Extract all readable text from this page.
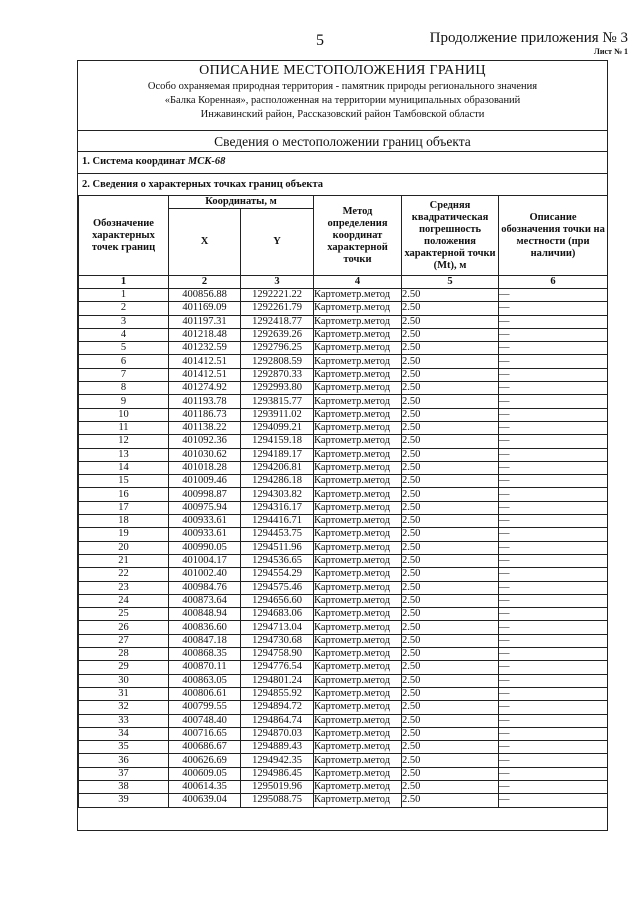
5	Продолжение приложения № 3
Лист № 1
ОПИСАНИЕ МЕСТОПОЛОЖЕНИЯ ГРАНИЦ
Особо охраняемая природная территория - памятник природы регионального значения
«Балка Коренная», расположенная на территории муниципальных образований
Инжавинский район, Рассказовский район Тамбовской области
Сведения о местоположении границ объекта
1. Система координат МСК-68
2. Сведения о характерных точках границ объекта
Обозначение характерных точек границ	Координаты, м		Метод определения координат характерной точки	Средняя квадратическая погрешность положения характерной точки (Mt), м	Описание обозначения точки на местности (при наличии)
	X	Y			
1	2	3	4	5	6
1	400856.88	1292221.22	Картометр.метод	2.50	—
2	401169.09	1292261.79	Картометр.метод	2.50	—
3	401197.31	1292418.77	Картометр.метод	2.50	—
4	401218.48	1292639.26	Картометр.метод	2.50	—
5	401232.59	1292796.25	Картометр.метод	2.50	—
6	401412.51	1292808.59	Картометр.метод	2.50	—
7	401412.51	1292870.33	Картометр.метод	2.50	—
8	401274.92	1292993.80	Картометр.метод	2.50	—
9	401193.78	1293815.77	Картометр.метод	2.50	—
10	401186.73	1293911.02	Картометр.метод	2.50	—
11	401138.22	1294099.21	Картометр.метод	2.50	—
12	401092.36	1294159.18	Картометр.метод	2.50	—
13	401030.62	1294189.17	Картометр.метод	2.50	—
14	401018.28	1294206.81	Картометр.метод	2.50	—
15	401009.46	1294286.18	Картометр.метод	2.50	—
16	400998.87	1294303.82	Картометр.метод	2.50	—
17	400975.94	1294316.17	Картометр.метод	2.50	—
18	400933.61	1294416.71	Картометр.метод	2.50	—
19	400933.61	1294453.75	Картометр.метод	2.50	—
20	400990.05	1294511.96	Картометр.метод	2.50	—
21	401004.17	1294536.65	Картометр.метод	2.50	—
22	401002.40	1294554.29	Картометр.метод	2.50	—
23	400984.76	1294575.46	Картометр.метод	2.50	—
24	400873.64	1294656.60	Картометр.метод	2.50	—
25	400848.94	1294683.06	Картометр.метод	2.50	—
26	400836.60	1294713.04	Картометр.метод	2.50	—
27	400847.18	1294730.68	Картометр.метод	2.50	—
28	400868.35	1294758.90	Картометр.метод	2.50	—
29	400870.11	1294776.54	Картометр.метод	2.50	—
30	400863.05	1294801.24	Картометр.метод	2.50	—
31	400806.61	1294855.92	Картометр.метод	2.50	—
32	400799.55	1294894.72	Картометр.метод	2.50	—
33	400748.40	1294864.74	Картометр.метод	2.50	—
34	400716.65	1294870.03	Картометр.метод	2.50	—
35	400686.67	1294889.43	Картометр.метод	2.50	—
36	400626.69	1294942.35	Картометр.метод	2.50	—
37	400609.05	1294986.45	Картометр.метод	2.50	—
38	400614.35	1295019.96	Картометр.метод	2.50	—
39	400639.04	1295088.75	Картометр.метод	2.50	—
